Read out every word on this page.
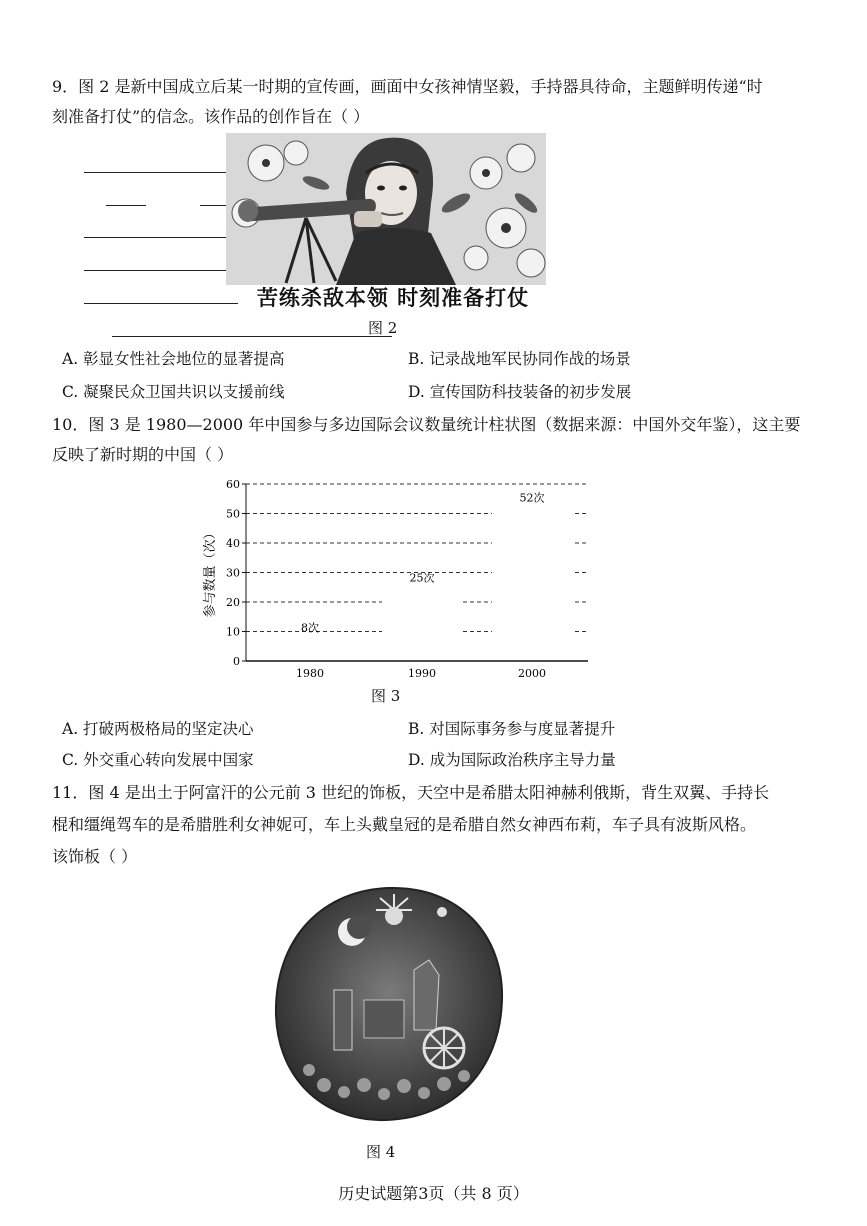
9．图 2 是新中国成立后某一时期的宣传画，画面中女孩神情坚毅，手持器具待命，主题鲜明传递“时
刻准备打仗”的信念。该作品的创作旨在（ ）
苦练杀敌本领 时刻准备打仗
图 2
A. 彰显女性社会地位的显著提高	B. 记录战地军民协同作战的场景
C. 凝聚民众卫国共识以支援前线	D. 宣传国防科技装备的初步发展
10．图 3 是 1980—2000 年中国参与多边国际会议数量统计柱状图（数据来源：中国外交年鉴），这主要
反映了新时期的中国（ ）
0
10
20
30
40
50
60
1980	1990	2000
8次
25次
52次
参与数量（次）
图 3
A. 打破两极格局的坚定决心	B. 对国际事务参与度显著提升
C. 外交重心转向发展中国家	D. 成为国际政治秩序主导力量
11．图 4 是出土于阿富汗的公元前 3 世纪的饰板，天空中是希腊太阳神赫利俄斯，背生双翼、手持长
棍和缰绳驾车的是希腊胜利女神妮可，车上头戴皇冠的是希腊自然女神西布莉，车子具有波斯风格。
该饰板（ ）
图 4
历史试题第3页（共 8 页）
